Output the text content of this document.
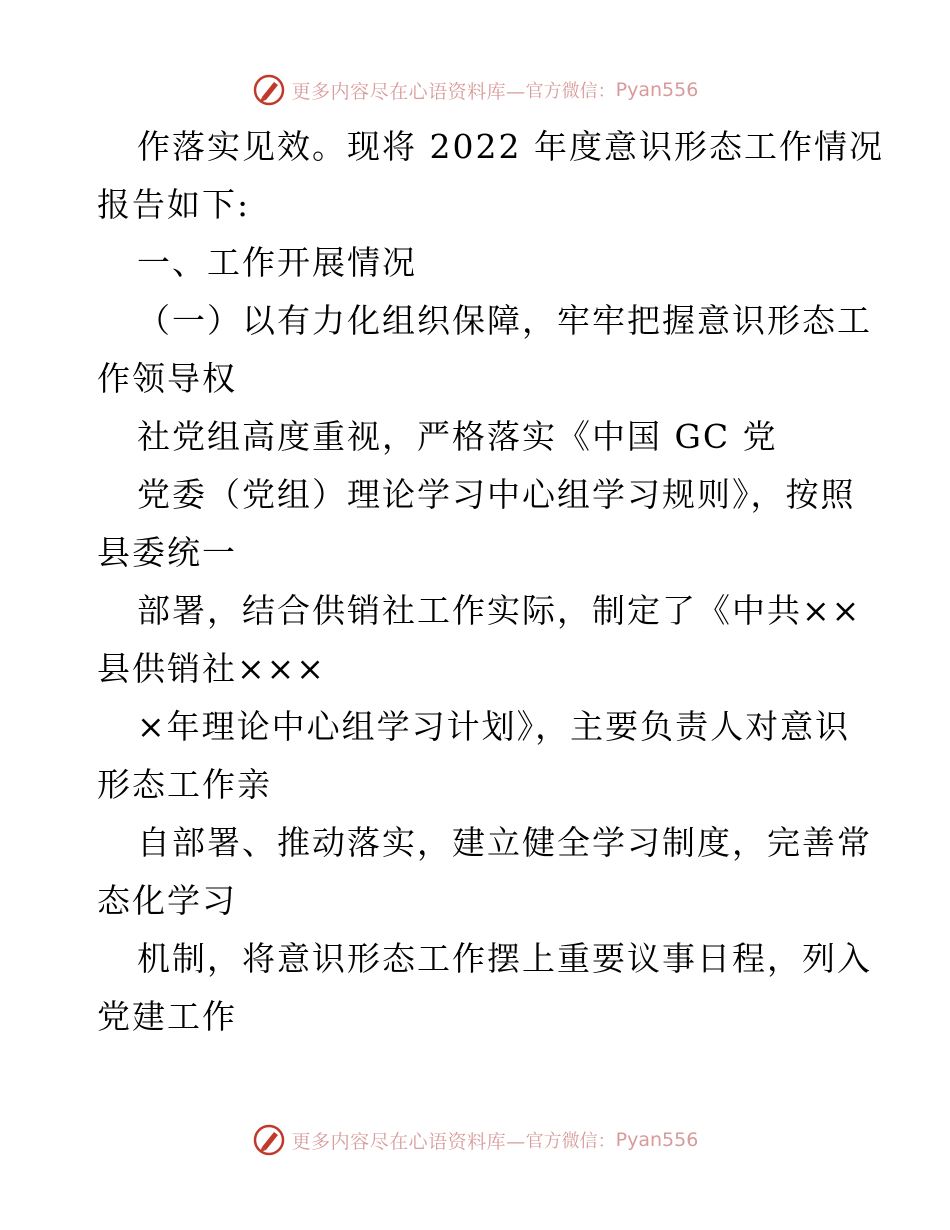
更多内容尽在心语资料库— 官方微信： Pyan556
作落实见效。现将 2022 年度意识形态工作情况
报告如下:
一、工作开展情况
（一）以有力化组织保障，牢牢把握意识形态工
作领导权
社党组高度重视，严格落实《中国 GC 党
党委（党组）理论学习中心组学习规则》，按照
县委统一
部署，结合供销社工作实际，制定了《中共××
县供销社×××
×年理论中心组学习计划》，主要负责人对意识
形态工作亲
自部署、推动落实，建立健全学习制度，完善常
态化学习
机制，将意识形态工作摆上重要议事日程，列入
党建工作
更多内容尽在心语资料库— 官方微信： Pyan556
